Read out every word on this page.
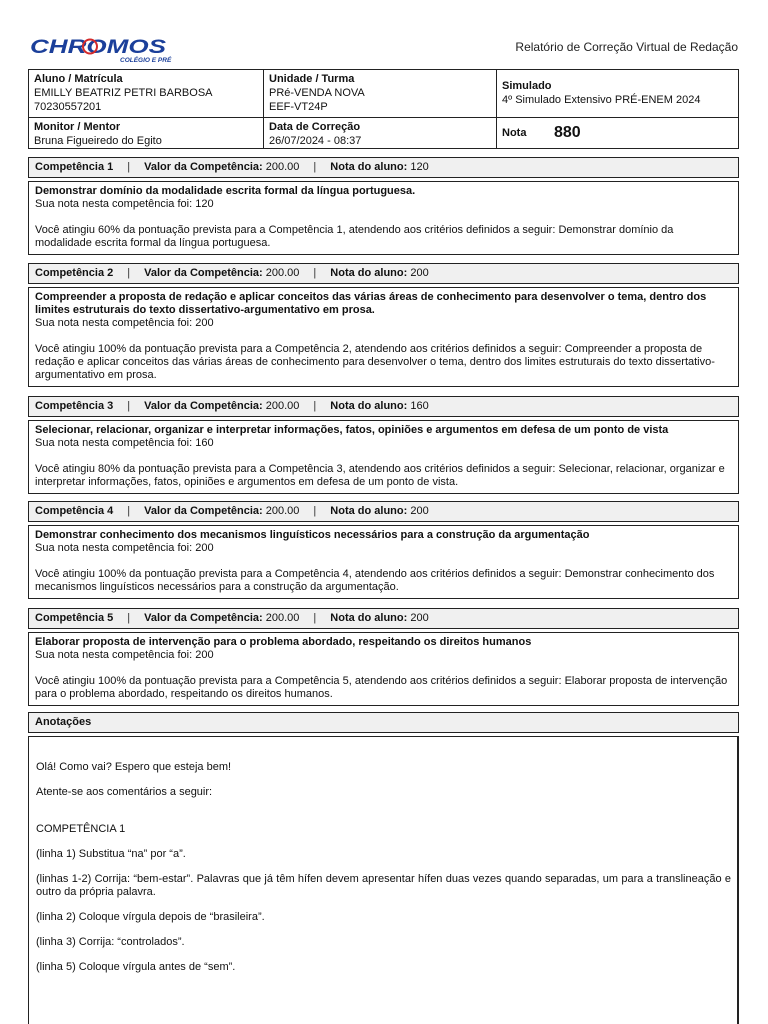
CHROMOS
COLÉGIO E PRÉ
Relatório de Correção Virtual de Redação
Aluno / Matrícula
EMILLY BEATRIZ PETRI BARBOSA
70230557201
Unidade / Turma
PRé-VENDA NOVA
EEF-VT24P
Simulado
4º Simulado Extensivo PRÉ-ENEM 2024
Monitor / Mentor
Bruna Figueiredo do Egito
Data de Correção
26/07/2024 - 08:37
Nota	880
Competência 1 | Valor da Competência:
200.00 | Nota do aluno:
120
Demonstrar domínio da modalidade escrita formal da língua portuguesa.
Sua nota nesta competência foi: 120
Você atingiu 60% da pontuação prevista para a Competência 1, atendendo aos critérios definidos a seguir: Demonstrar domínio da modalidade escrita formal da língua portuguesa.
Competência 2 | Valor da Competência:
200.00 | Nota do aluno:
200
Compreender a proposta de redação e aplicar conceitos das várias áreas de conhecimento para desenvolver o tema, dentro dos limites estruturais do texto dissertativo-argumentativo em prosa.
Sua nota nesta competência foi: 200
Você atingiu 100% da pontuação prevista para a Competência 2, atendendo aos critérios definidos a seguir: Compreender a proposta de redação e aplicar conceitos das várias áreas de conhecimento para desenvolver o tema, dentro dos limites estruturais do texto dissertativo-argumentativo em prosa.
Competência 3 | Valor da Competência:
200.00 | Nota do aluno:
160
Selecionar, relacionar, organizar e interpretar informações, fatos, opiniões e argumentos em defesa de um ponto de vista
Sua nota nesta competência foi: 160
Você atingiu 80% da pontuação prevista para a Competência 3, atendendo aos critérios definidos a seguir: Selecionar, relacionar, organizar e interpretar informações, fatos, opiniões e argumentos em defesa de um ponto de vista.
Competência 4 | Valor da Competência:
200.00 | Nota do aluno:
200
Demonstrar conhecimento dos mecanismos linguísticos necessários para a construção da argumentação
Sua nota nesta competência foi: 200
Você atingiu 100% da pontuação prevista para a Competência 4, atendendo aos critérios definidos a seguir: Demonstrar conhecimento dos mecanismos linguísticos necessários para a construção da argumentação.
Competência 5 | Valor da Competência:
200.00 | Nota do aluno:
200
Elaborar proposta de intervenção para o problema abordado, respeitando os direitos humanos
Sua nota nesta competência foi: 200
Você atingiu 100% da pontuação prevista para a Competência 5, atendendo aos critérios definidos a seguir: Elaborar proposta de intervenção para o problema abordado, respeitando os direitos humanos.
Anotações

Olá! Como vai? Espero que esteja bem!

Atente-se aos comentários a seguir:

COMPETÊNCIA 1

(linha 1) Substitua “na” por “a”.

(linhas 1-2) Corrija: “bem-estar”. Palavras que já têm hífen devem apresentar hífen duas vezes quando separadas, um para a translineação e outro da própria palavra.

(linha 2) Coloque vírgula depois de “brasileira”.

(linha 3) Corrija: “controlados”.

(linha 5) Coloque vírgula antes de “sem”.
